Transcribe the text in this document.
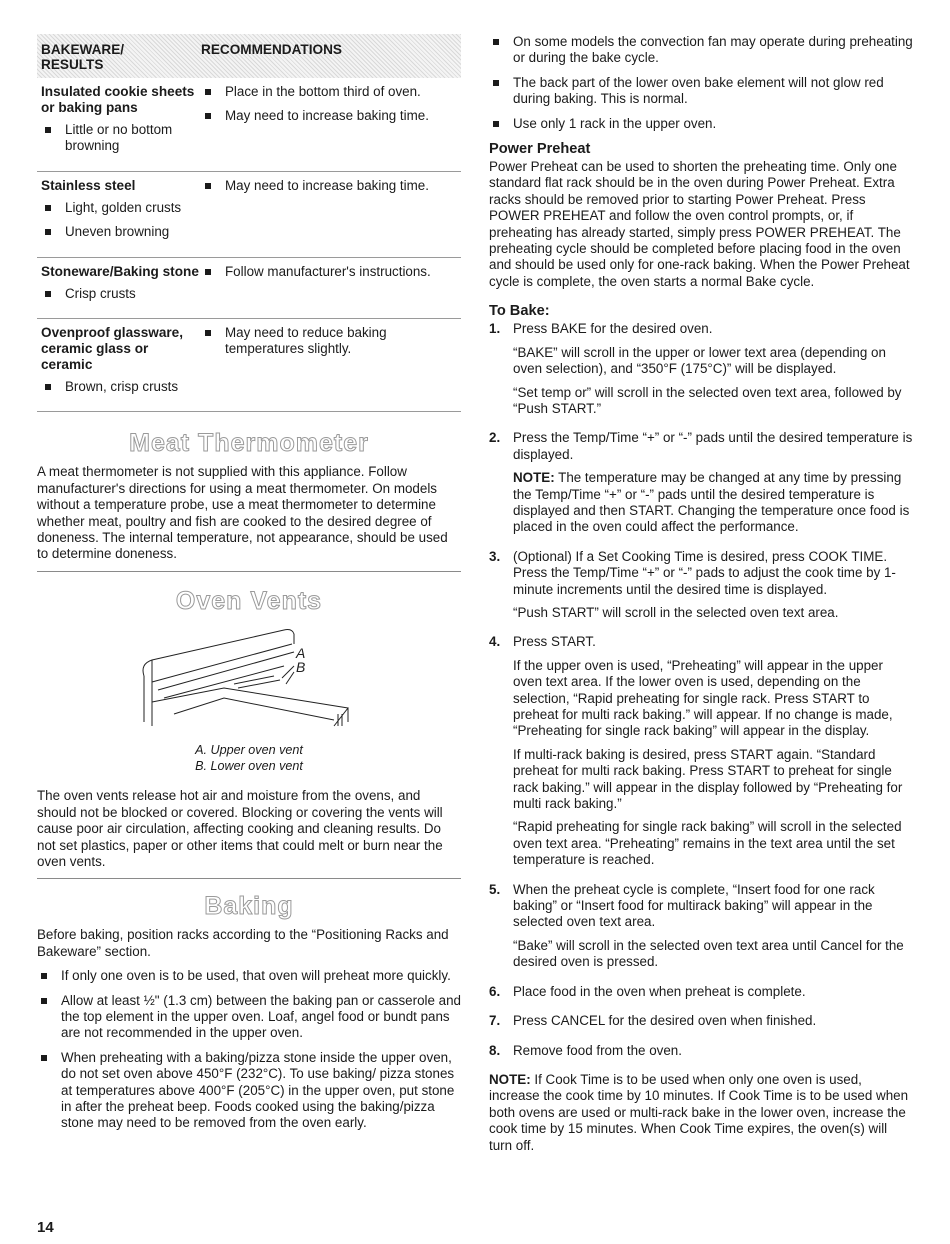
BAKEWARE/
RESULTS
RECOMMENDATIONS
Insulated cookie sheets or baking pans
Little or no bottom browning
Place in the bottom third of oven.
May need to increase baking time.
Stainless steel
Light, golden crusts
Uneven browning
May need to increase baking time.
Stoneware/Baking stone
Crisp crusts
Follow manufacturer's instructions.
Ovenproof glassware, ceramic glass or ceramic
Brown, crisp crusts
May need to reduce baking temperatures slightly.
Meat Thermometer

A meat thermometer is not supplied with this appliance. Follow manufacturer's directions for using a meat thermometer. On models without a temperature probe, use a meat thermometer to determine whether meat, poultry and fish are cooked to the desired degree of doneness. The internal temperature, not appearance, should be used to determine doneness.

Oven Vents
A
B
A. Upper oven vent
B. Lower oven vent

The oven vents release hot air and moisture from the ovens, and should not be blocked or covered. Blocking or covering the vents will cause poor air circulation, affecting cooking and cleaning results. Do not set plastics, paper or other items that could melt or burn near the oven vents.

Baking

Before baking, position racks according to the “Positioning Racks and Bakeware” section.

If only one oven is to be used, that oven will preheat more quickly.
Allow at least ½" (1.3 cm) between the baking pan or casserole and the top element in the upper oven. Loaf, angel food or bundt pans are not recommended in the upper oven.
When preheating with a baking/pizza stone inside the upper oven, do not set oven above 450°F (232°C). To use baking/ pizza stones at temperatures above 400°F (205°C) in the upper oven, put stone in after the preheat beep. Foods cooked using the baking/pizza stone may need to be removed from the oven early.
On some models the convection fan may operate during preheating or during the bake cycle.
The back part of the lower oven bake element will not glow red during baking. This is normal.
Use only 1 rack in the upper oven.
Power Preheat

Power Preheat can be used to shorten the preheating time. Only one standard flat rack should be in the oven during Power Preheat. Extra racks should be removed prior to starting Power Preheat. Press POWER PREHEAT and follow the oven control prompts, or, if preheating has already started, simply press POWER PREHEAT. The preheating cycle should be completed before placing food in the oven and should be used only for one-rack baking. When the Power Preheat cycle is complete, the oven starts a normal Bake cycle.

To Bake:
1. Press BAKE for the desired oven.

“BAKE” will scroll in the upper or lower text area (depending on oven selection), and “350°F (175°C)” will be displayed.

“Set temp or” will scroll in the selected oven text area, followed by “Push START.”

2. Press the Temp/Time “+” or “-” pads until the desired temperature is displayed.

NOTE: The temperature may be changed at any time by pressing the Temp/Time “+” or “-” pads until the desired temperature is displayed and then START. Changing the temperature once food is placed in the oven could affect the performance.

3. (Optional) If a Set Cooking Time is desired, press COOK TIME. Press the Temp/Time “+” or “-” pads to adjust the cook time by 1-minute increments until the desired time is displayed.

“Push START” will scroll in the selected oven text area.

4. Press START.

If the upper oven is used, “Preheating” will appear in the upper oven text area. If the lower oven is used, depending on the selection, “Rapid preheating for single rack. Press START to preheat for multi rack baking.” will appear. If no change is made, “Preheating for single rack baking” will appear in the display.

If multi-rack baking is desired, press START again. “Standard preheat for multi rack baking. Press START to preheat for single rack baking.” will appear in the display followed by “Preheating for multi rack baking.”

“Rapid preheating for single rack baking” will scroll in the selected oven text area. “Preheating” remains in the text area until the set temperature is reached.

5. When the preheat cycle is complete, “Insert food for one rack baking” or “Insert food for multirack baking” will appear in the selected oven text area.

“Bake” will scroll in the selected oven text area until Cancel for the desired oven is pressed.

6. Place food in the oven when preheat is complete.

7. Press CANCEL for the desired oven when finished.

8. Remove food from the oven.

NOTE: If Cook Time is to be used when only one oven is used, increase the cook time by 10 minutes. If Cook Time is to be used when both ovens are used or multi-rack bake in the lower oven, increase the cook time by 15 minutes. When Cook Time expires, the oven(s) will turn off.

14
